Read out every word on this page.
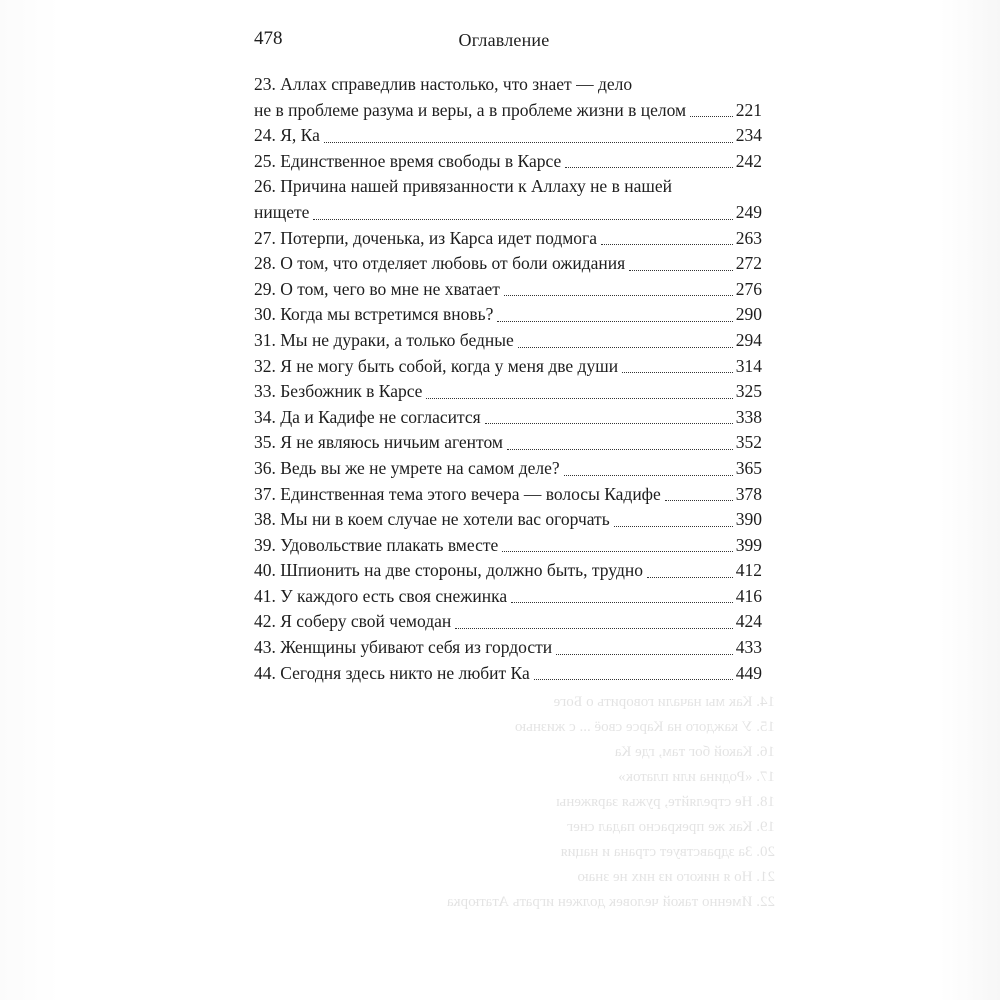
14. Как мы начали говорить о Боге
15. У каждого на Карсе своё ... с жизнью
16. Какой бог там, где Ка
17. «Родина или платок»
18. Не стреляйте, ружья заряжены
19. Как же прекрасно падал снег
20. За здравствует страна и нация
21. Но я никого из них не знаю
22. Именно такой человек должен играть Ататюрка
478	Оглавление
23. Аллах справедлив настолько, что знает — дело
не в проблеме разума и веры, а в проблеме жизни в целом	221
24. Я, Ка	234
25. Единственное время свободы в Карсе	242
26. Причина нашей привязанности к Аллаху не в нашей
нищете	249
27. Потерпи, доченька, из Карса идет подмога	263
28. О том, что отделяет любовь от боли ожидания	272
29. О том, чего во мне не хватает	276
30. Когда мы встретимся вновь?	290
31. Мы не дураки, а только бедные	294
32. Я не могу быть собой, когда у меня две души	314
33. Безбожник в Карсе	325
34. Да и Кадифе не согласится	338
35. Я не являюсь ничьим агентом	352
36. Ведь вы же не умрете на самом деле?	365
37. Единственная тема этого вечера — волосы Кадифе	378
38. Мы ни в коем случае не хотели вас огорчать	390
39. Удовольствие плакать вместе	399
40. Шпионить на две стороны, должно быть, трудно	412
41. У каждого есть своя снежинка	416
42. Я соберу свой чемодан	424
43. Женщины убивают себя из гордости	433
44. Сегодня здесь никто не любит Ка	449
